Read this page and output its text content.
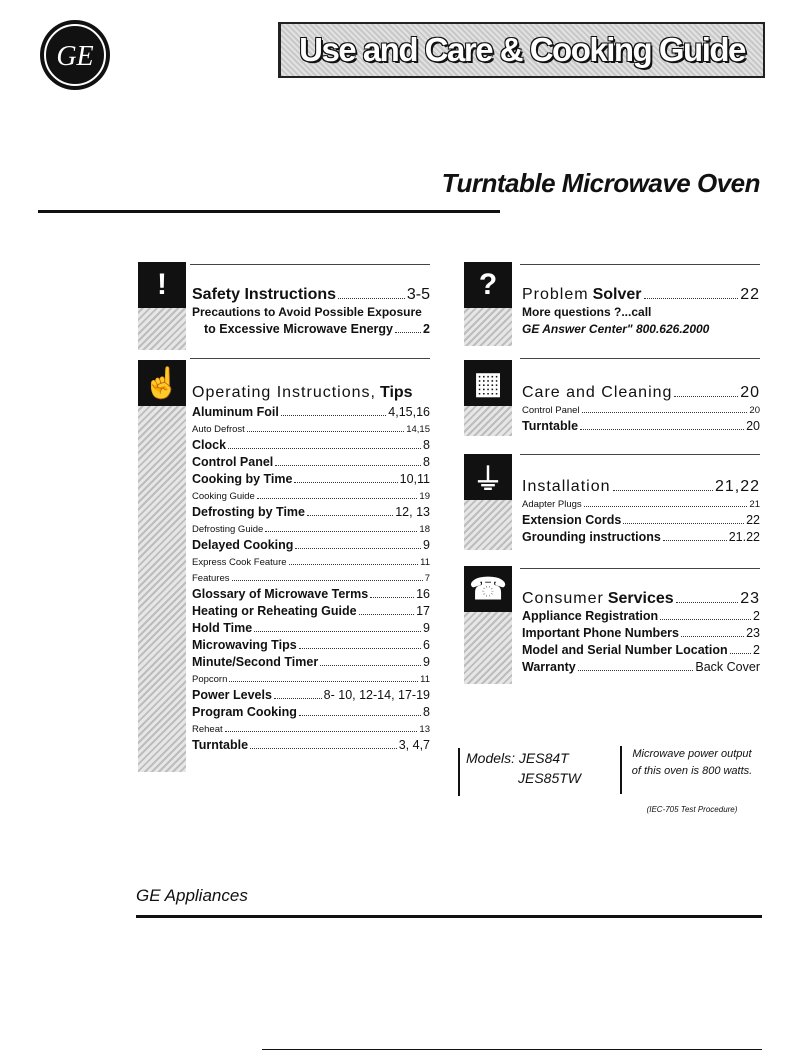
GE	Use and Care & Cooking Guide
Turntable Microwave Oven
!	Safety Instructions	3-5
Precautions to Avoid Possible Exposure
to Excessive Microwave Energy 2
☝ Operating Instructions, Tips
Aluminum Foil	4,15,16
Auto Defrost	14,15
Clock	8
Control Panel	8
Cooking by Time	10,11
Cooking Guide	19
Defrosting by Time	12, 13
Defrosting Guide	18
Delayed Cooking	9
Express Cook Feature	11
Features	7
Glossary of Microwave Terms	16
Heating or Reheating Guide	17
Hold Time	9
Microwaving Tips	6
Minute/Second Timer	9
Popcorn	11
Power Levels	8- 10, 12-14, 17-19
Program Cooking	8
Reheat	13
Turntable	3, 4,7
?	Problem Solver	22
More questions ?...call
GE Answer Center" 800.626.2000
▦	Care and Cleaning	20
Control Panel	20
Turntable	20
⏚	Installation	21,22
Adapter Plugs	21
Extension Cords	22
Grounding instructions	21.22
☎ Consumer Services	23
Appliance Registration	2
Important Phone Numbers	23
Model and Serial Number Location 2
Warranty	Back Cover
Models: JES84T
JES85TW
Microwave power output
of this oven is 800 watts.
(IEC-705 Test Procedure)
GE Appliances
